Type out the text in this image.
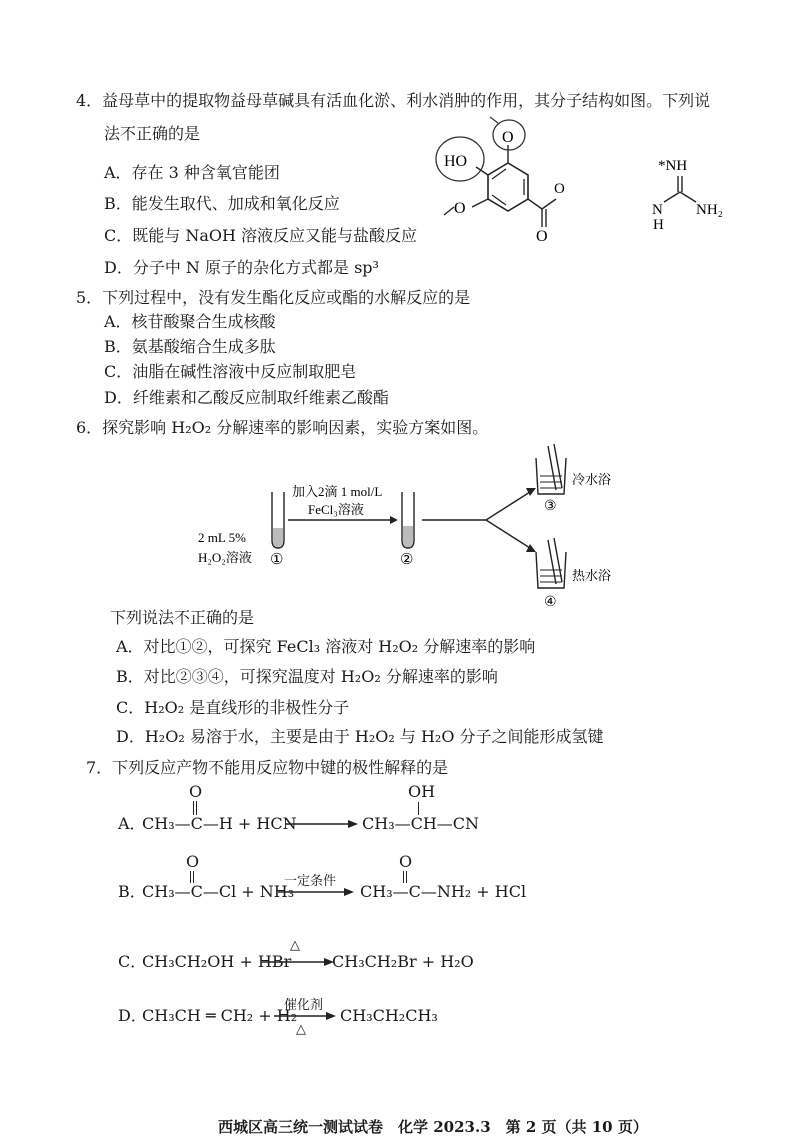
4．益母草中的提取物益母草碱具有活血化淤、利水消肿的作用，其分子结构如图。下列说
法不正确的是
A．存在 3 种含氧官能团
B．能发生取代、加成和氧化反应
C．既能与 NaOH 溶液反应又能与盐酸反应
D．分子中 N 原子的杂化方式都是 sp³
HO
O
O
O
O
*NH
N
H
NH₂
5．下列过程中，没有发生酯化反应或酯的水解反应的是
A．核苷酸聚合生成核酸
B．氨基酸缩合生成多肽
C．油脂在碱性溶液中反应制取肥皂
D．纤维素和乙酸反应制取纤维素乙酸酯
6．探究影响 H₂O₂ 分解速率的影响因素，实验方案如图。
2 mL 5%
H₂O₂溶液 ①
加入2滴 1 mol/L
FeCl₃溶液
②
冷水浴
③
热水浴
④
下列说法不正确的是
A．对比①②，可探究 FeCl₃ 溶液对 H₂O₂ 分解速率的影响
B．对比②③④，可探究温度对 H₂O₂ 分解速率的影响
C．H₂O₂ 是直线形的非极性分子
D．H₂O₂ 易溶于水，主要是由于 H₂O₂ 与 H₂O 分子之间能形成氢键
7．下列反应产物不能用反应物中键的极性解释的是
A．
CH₃—C—H + HCN
O
CH₃—CH—CN
OH
B．
CH₃—C—Cl + NH₃
O
一定条件
CH₃—C—NH₂ + HCl
O
C．
CH₃CH₂OH + HBr
△
CH₃CH₂Br + H₂O
D．
CH₃CH ═ CH₂ + H₂
催化剂
△
CH₃CH₂CH₃
西城区高三统一测试试卷　化学 2023.3　第 2 页（共 10 页）
